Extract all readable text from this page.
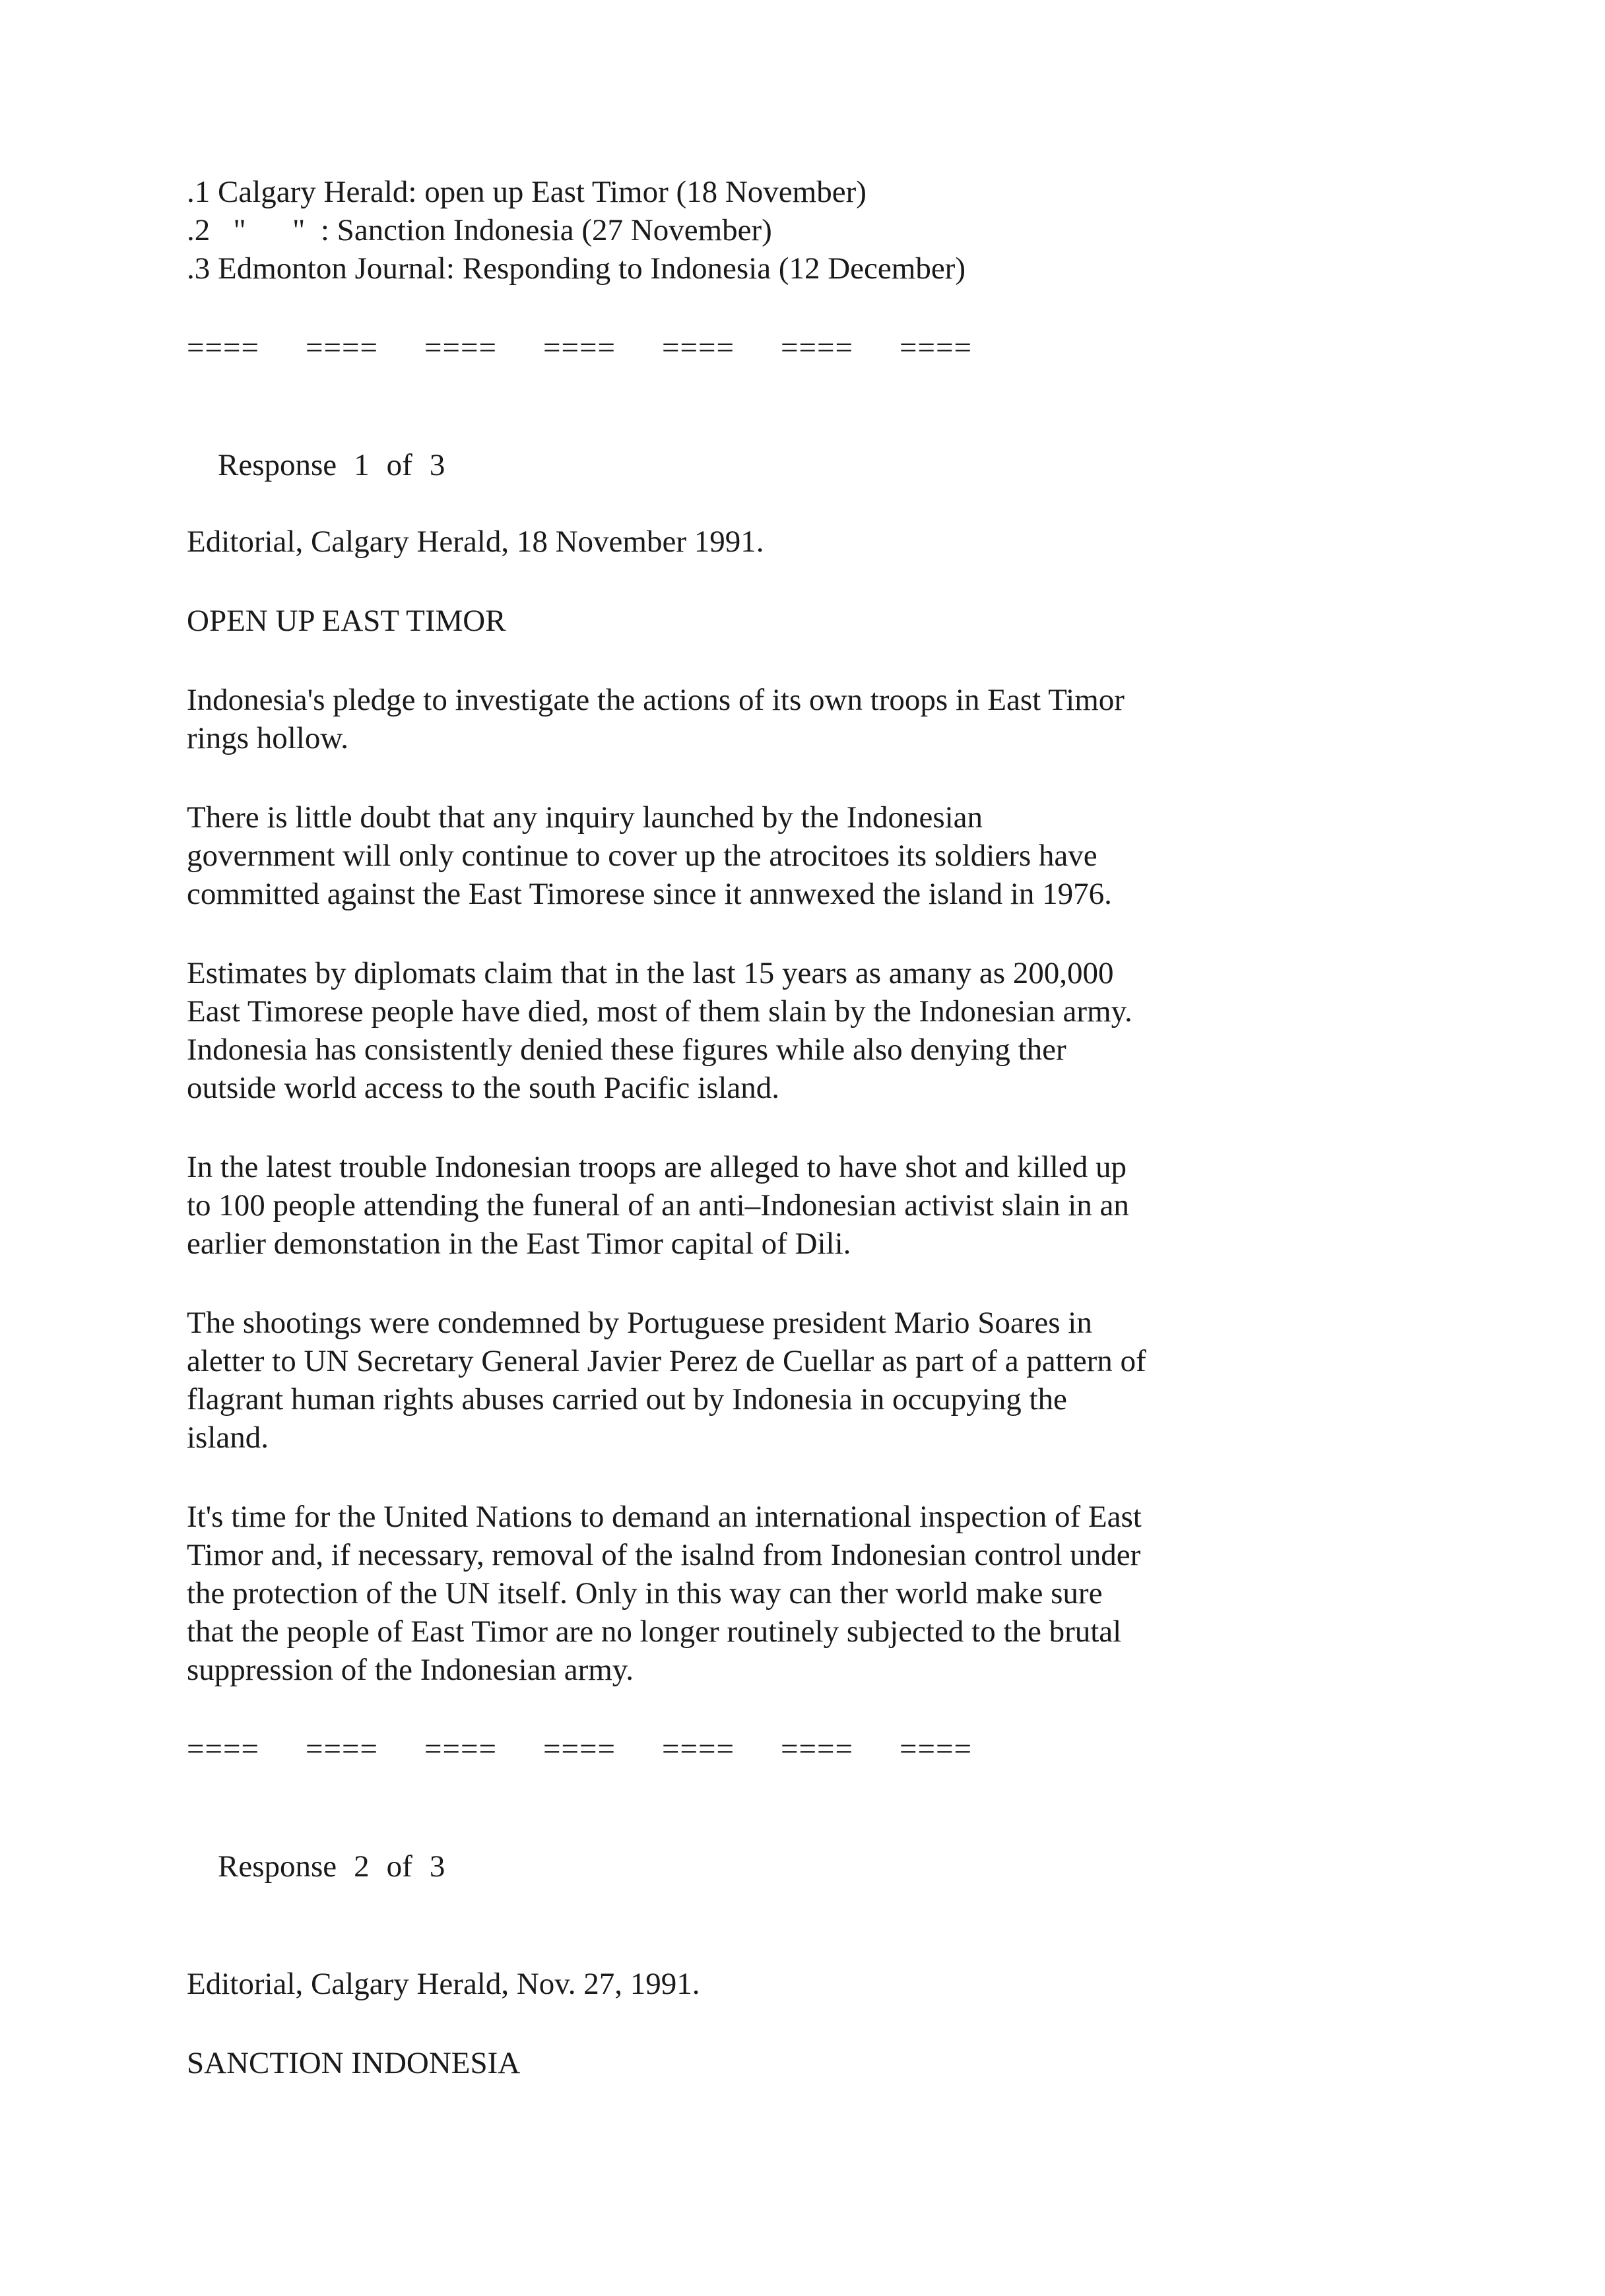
.1 Calgary Herald: open up East Timor (18 November)
.2   "      "  : Sanction Indonesia (27 November)
.3 Edmonton Journal: Responding to Indonesia (12 December)
====	====	====	====	====	====	====

Response 1 of 3

Editorial, Calgary Herald, 18 November 1991.
OPEN UP EAST TIMOR

Indonesia's pledge to investigate the actions of its own troops in East Timor
rings hollow.

There is little doubt that any inquiry launched by the Indonesian
government will only continue to cover up the atrocitoes its soldiers have
committed against the East Timorese since it annwexed the island in 1976.

Estimates by diplomats claim that in the last 15 years as amany as 200,000
East Timorese people have died, most of them slain by the Indonesian army.
Indonesia has consistently denied these figures while also denying ther
outside world access to the south Pacific island.

In the latest trouble Indonesian troops are alleged to have shot and killed up
to 100 people attending the funeral of an anti–Indonesian activist slain in an
earlier demonstation in the East Timor capital of Dili.

The shootings were condemned by Portuguese president Mario Soares in
aletter to UN Secretary General Javier Perez de Cuellar as part of a pattern of
flagrant human rights abuses carried out by Indonesia in occupying the
island.

It's time for the United Nations to demand an international inspection of East
Timor and, if necessary, removal of the isalnd from Indonesian control under
the protection of the UN itself. Only in this way can ther world make sure
that the people of East Timor are no longer routinely subjected to the brutal
suppression of the Indonesian army.

====	====	====	====	====	====	====

Response 2 of 3

Editorial, Calgary Herald, Nov. 27, 1991.
SANCTION INDONESIA
